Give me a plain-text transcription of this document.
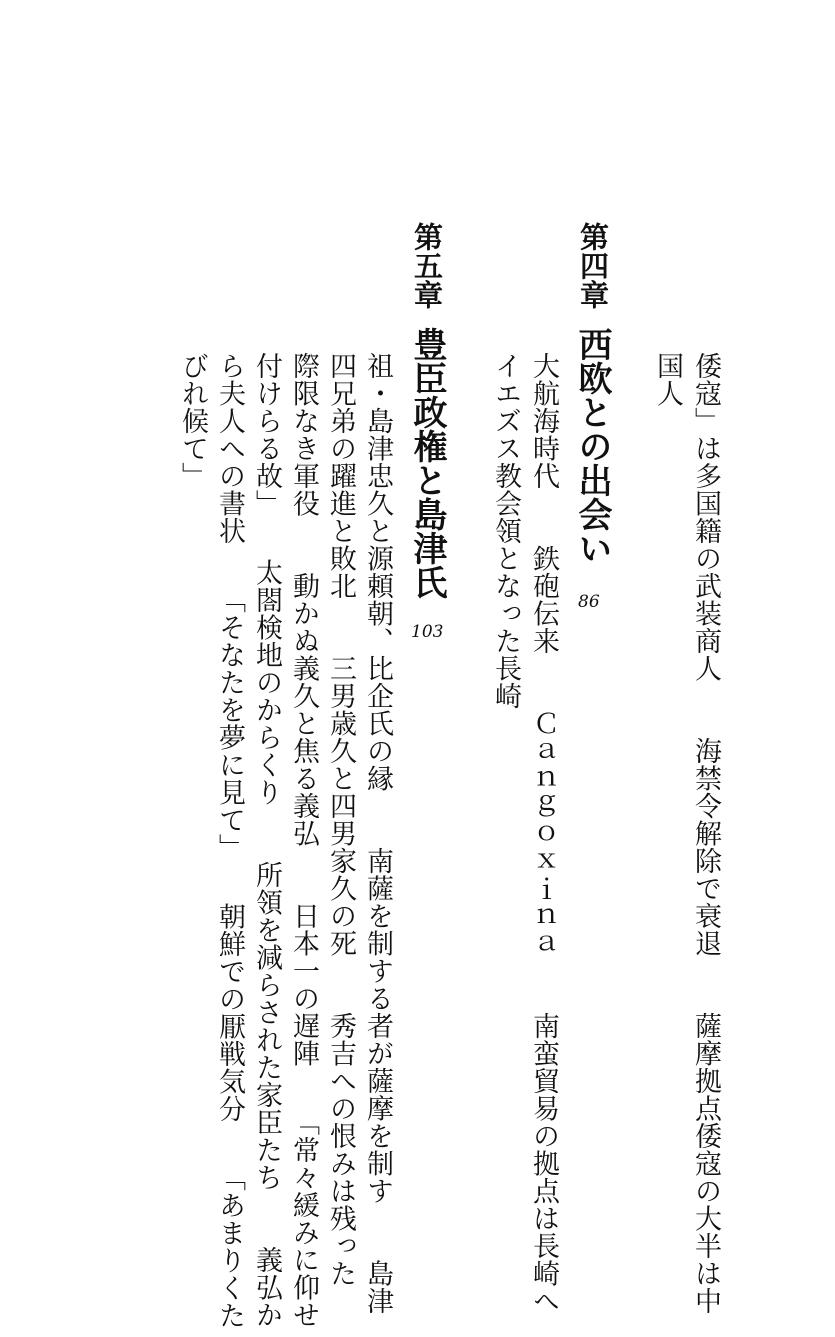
倭寇」は多国籍の武装商人　　海禁令解除で衰退　　薩摩拠点倭寇の大半は中
国人
第四章
西欧との出会い
86
大航海時代　　鉄砲伝来　　Ｃａｎｇｏｘｉｎａ　　南蛮貿易の拠点は長崎へ
イエズス教会領となった長崎
第五章
豊臣政権と島津氏
103
祖・島津忠久と源頼朝、比企氏の縁　　南薩を制する者が薩摩を制す　　島津
四兄弟の躍進と敗北　　三男歳久と四男家久の死　　秀吉への恨みは残った
際限なき軍役　　動かぬ義久と焦る義弘　　日本一の遅陣　　「常々緩みに仰せ
付けらる故」　　太閤検地のからくり　　所領を減らされた家臣たち　　義弘か
ら夫人への書状　　「そなたを夢に見て」　　朝鮮での厭戦気分　　「あまりくた
びれ候て」
